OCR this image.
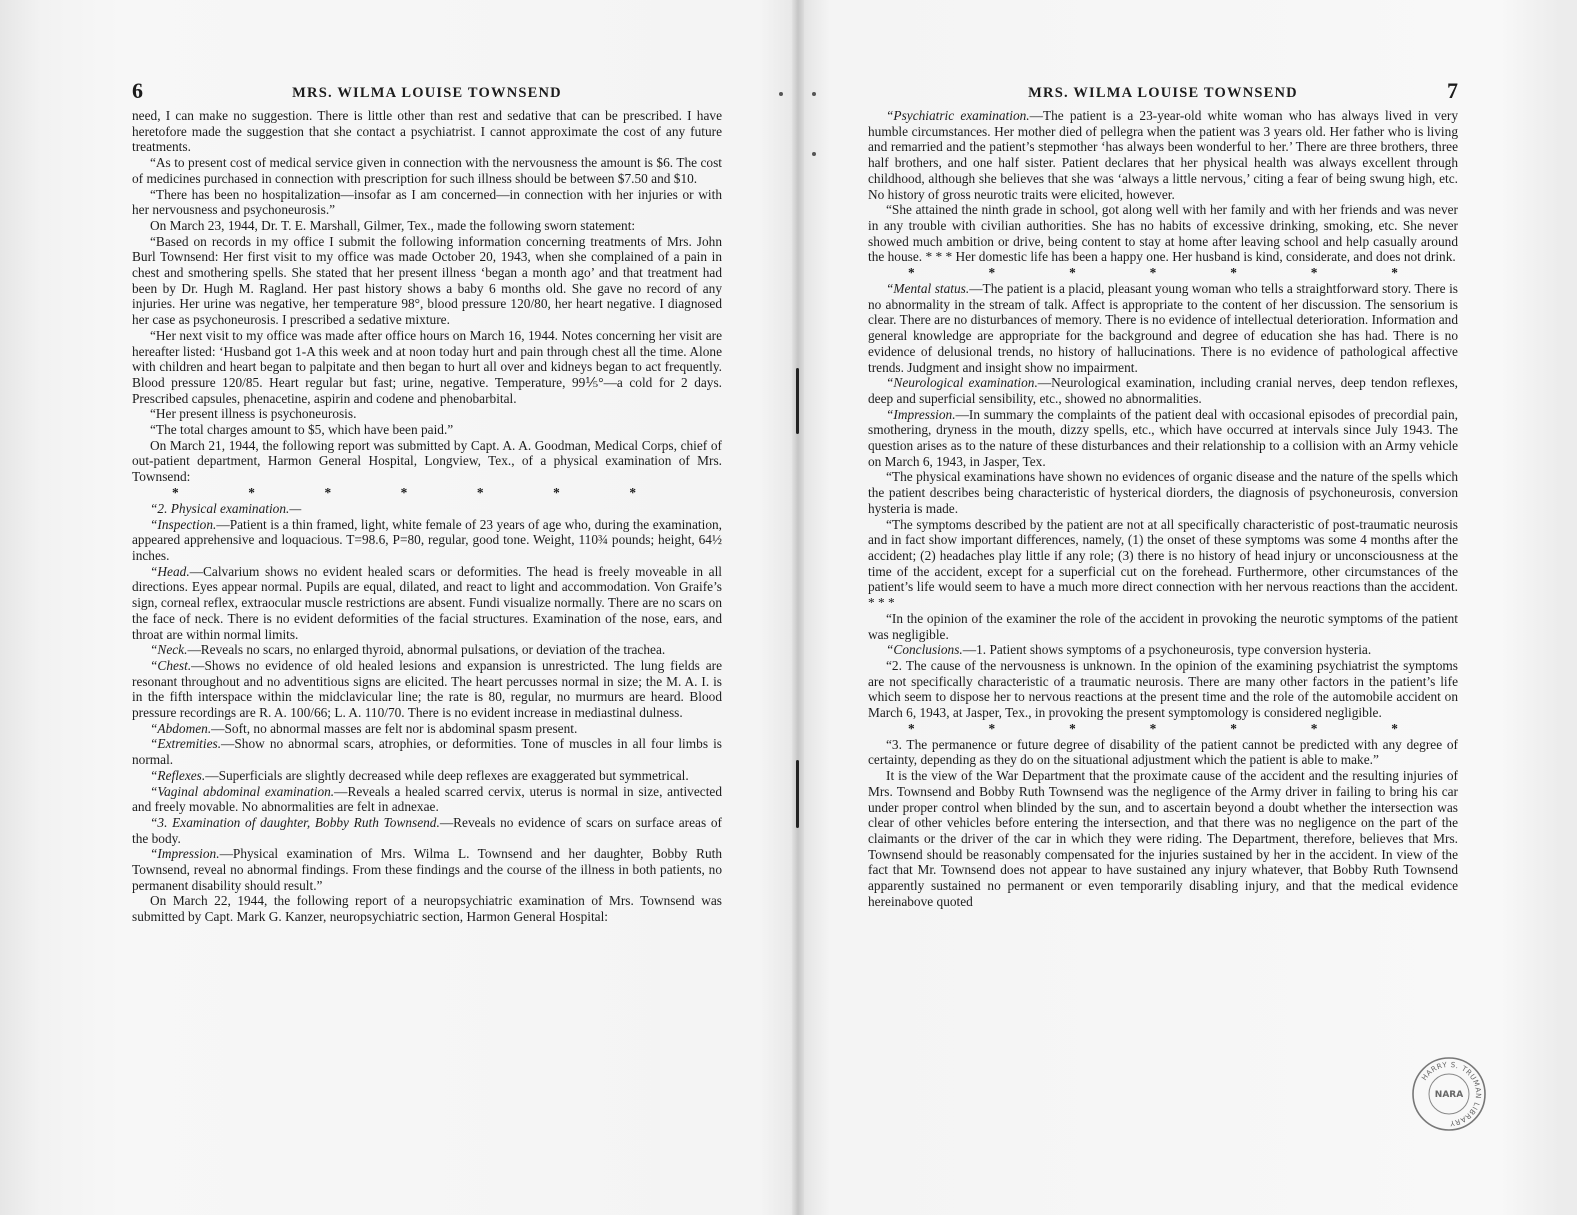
6	MRS. WILMA LOUISE TOWNSEND

need, I can make no suggestion. There is little other than rest and sedative that can be prescribed. I have heretofore made the suggestion that she contact a psychiatrist. I cannot approximate the cost of any future treatments.

“As to present cost of medical service given in connection with the nervousness the amount is $6. The cost of medicines purchased in connection with prescription for such illness should be between $7.50 and $10.

“There has been no hospitalization—insofar as I am concerned—in connection with her injuries or with her nervousness and psychoneurosis.”

On March 23, 1944, Dr. T. E. Marshall, Gilmer, Tex., made the following sworn statement:

“Based on records in my office I submit the following information concerning treatments of Mrs. John Burl Townsend: Her first visit to my office was made October 20, 1943, when she complained of a pain in chest and smothering spells. She stated that her present illness ‘began a month ago’ and that treatment had been by Dr. Hugh M. Ragland. Her past history shows a baby 6 months old. She gave no record of any injuries. Her urine was negative, her temperature 98°, blood pressure 120/80, her heart negative. I diagnosed her case as psychoneurosis. I prescribed a sedative mixture.

“Her next visit to my office was made after office hours on March 16, 1944. Notes concerning her visit are hereafter listed: ‘Husband got 1-A this week and at noon today hurt and pain through chest all the time. Alone with children and heart began to palpitate and then began to hurt all over and kidneys began to act frequently. Blood pressure 120/85. Heart regular but fast; urine, negative. Temperature, 99⅕°—a cold for 2 days. Prescribed capsules, phenacetine, aspirin and codene and phenobarbital.

“Her present illness is psychoneurosis.

“The total charges amount to $5, which have been paid.”

On March 21, 1944, the following report was submitted by Capt. A. A. Goodman, Medical Corps, chief of out-patient department, Harmon General Hospital, Longview, Tex., of a physical examination of Mrs. Townsend:

*	*	*	*	*	*	*

“2. Physical examination.—

“Inspection.—Patient is a thin framed, light, white female of 23 years of age who, during the examination, appeared apprehensive and loquacious. T=98.6, P=80, regular, good tone. Weight, 110¾ pounds; height, 64½ inches.

“Head.—Calvarium shows no evident healed scars or deformities. The head is freely moveable in all directions. Eyes appear normal. Pupils are equal, dilated, and react to light and accommodation. Von Graife’s sign, corneal reflex, extraocular muscle restrictions are absent. Fundi visualize normally. There are no scars on the face of neck. There is no evident deformities of the facial structures. Examination of the nose, ears, and throat are within normal limits.

“Neck.—Reveals no scars, no enlarged thyroid, abnormal pulsations, or deviation of the trachea.

“Chest.—Shows no evidence of old healed lesions and expansion is unrestricted. The lung fields are resonant throughout and no adventitious signs are elicited. The heart percusses normal in size; the M. A. I. is in the fifth interspace within the midclavicular line; the rate is 80, regular, no murmurs are heard. Blood pressure recordings are R. A. 100/66; L. A. 110/70. There is no evident increase in mediastinal dulness.

“Abdomen.—Soft, no abnormal masses are felt nor is abdominal spasm present.

“Extremities.—Show no abnormal scars, atrophies, or deformities. Tone of muscles in all four limbs is normal.

“Reflexes.—Superficials are slightly decreased while deep reflexes are exaggerated but symmetrical.

“Vaginal abdominal examination.—Reveals a healed scarred cervix, uterus is normal in size, antivected and freely movable. No abnormalities are felt in adnexae.

“3. Examination of daughter, Bobby Ruth Townsend.—Reveals no evidence of scars on surface areas of the body.

“Impression.—Physical examination of Mrs. Wilma L. Townsend and her daughter, Bobby Ruth Townsend, reveal no abnormal findings. From these findings and the course of the illness in both patients, no permanent disability should result.”

On March 22, 1944, the following report of a neuropsychiatric examination of Mrs. Townsend was submitted by Capt. Mark G. Kanzer, neuropsychiatric section, Harmon General Hospital:

MRS. WILMA LOUISE TOWNSEND	7

“Psychiatric examination.—The patient is a 23-year-old white woman who has always lived in very humble circumstances. Her mother died of pellegra when the patient was 3 years old. Her father who is living and remarried and the patient’s stepmother ‘has always been wonderful to her.’ There are three brothers, three half brothers, and one half sister. Patient declares that her physical health was always excellent through childhood, although she believes that she was ‘always a little nervous,’ citing a fear of being swung high, etc. No history of gross neurotic traits were elicited, however.

“She attained the ninth grade in school, got along well with her family and with her friends and was never in any trouble with civilian authorities. She has no habits of excessive drinking, smoking, etc. She never showed much ambition or drive, being content to stay at home after leaving school and help casually around the house. * * * Her domestic life has been a happy one. Her husband is kind, considerate, and does not drink.

*	*	*	*	*	*	*

“Mental status.—The patient is a placid, pleasant young woman who tells a straightforward story. There is no abnormality in the stream of talk. Affect is appropriate to the content of her discussion. The sensorium is clear. There are no disturbances of memory. There is no evidence of intellectual deterioration. Information and general knowledge are appropriate for the background and degree of education she has had. There is no evidence of delusional trends, no history of hallucinations. There is no evidence of pathological affective trends. Judgment and insight show no impairment.

“Neurological examination.—Neurological examination, including cranial nerves, deep tendon reflexes, deep and superficial sensibility, etc., showed no abnormalities.

“Impression.—In summary the complaints of the patient deal with occasional episodes of precordial pain, smothering, dryness in the mouth, dizzy spells, etc., which have occurred at intervals since July 1943. The question arises as to the nature of these disturbances and their relationship to a collision with an Army vehicle on March 6, 1943, in Jasper, Tex.

“The physical examinations have shown no evidences of organic disease and the nature of the spells which the patient describes being characteristic of hysterical diorders, the diagnosis of psychoneurosis, conversion hysteria is made.

“The symptoms described by the patient are not at all specifically characteristic of post-traumatic neurosis and in fact show important differences, namely, (1) the onset of these symptoms was some 4 months after the accident; (2) headaches play little if any role; (3) there is no history of head injury or unconsciousness at the time of the accident, except for a superficial cut on the forehead. Furthermore, other circumstances of the patient’s life would seem to have a much more direct connection with her nervous reactions than the accident. * * *

“In the opinion of the examiner the role of the accident in provoking the neurotic symptoms of the patient was negligible.

“Conclusions.—1. Patient shows symptoms of a psychoneurosis, type conversion hysteria.

“2. The cause of the nervousness is unknown. In the opinion of the examining psychiatrist the symptoms are not specifically characteristic of a traumatic neurosis. There are many other factors in the patient’s life which seem to dispose her to nervous reactions at the present time and the role of the automobile accident on March 6, 1943, at Jasper, Tex., in provoking the present symptomology is considered negligible.

*	*	*	*	*	*	*

“3. The permanence or future degree of disability of the patient cannot be predicted with any degree of certainty, depending as they do on the situational adjustment which the patient is able to make.”

It is the view of the War Department that the proximate cause of the accident and the resulting injuries of Mrs. Townsend and Bobby Ruth Townsend was the negligence of the Army driver in failing to bring his car under proper control when blinded by the sun, and to ascertain beyond a doubt whether the intersection was clear of other vehicles before entering the intersection, and that there was no negligence on the part of the claimants or the driver of the car in which they were riding. The Department, therefore, believes that Mrs. Townsend should be reasonably compensated for the injuries sustained by her in the accident. In view of the fact that Mr. Townsend does not appear to have sustained any injury whatever, that Bobby Ruth Townsend apparently sustained no permanent or even temporarily disabling injury, and that the medical evidence hereinabove quoted

HARRY S. TRUMAN LIBRARY
NARA
